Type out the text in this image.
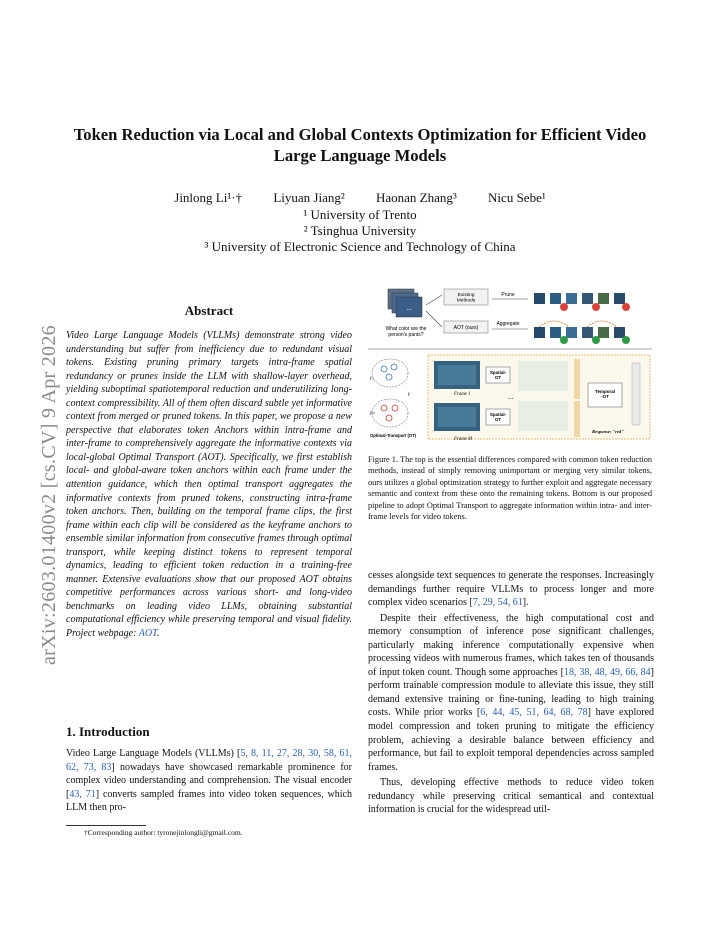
arXiv:2603.01400v2 [cs.CV] 9 Apr 2026
Token Reduction via Local and Global Contexts Optimization for Efficient Video Large Language Models
Jinlong Li¹·† Liyuan Jiang² Haonan Zhang³ Nicu Sebe¹
¹ University of Trento
² Tsinghua University
³ University of Electronic Science and Technology of China
Abstract
Video Large Language Models (VLLMs) demonstrate strong video understanding but suffer from inefficiency due to redundant visual tokens. Existing pruning primary targets intra-frame spatial redundancy or prunes inside the LLM with shallow-layer overhead, yielding suboptimal spatiotemporal reduction and underutilizing long-context compressibility. All of them often discard subtle yet informative context from merged or pruned tokens. In this paper, we propose a new perspective that elaborates token Anchors within intra-frame and inter-frame to comprehensively aggregate the informative contexts via local-global Optimal Transport (AOT). Specifically, we first establish local- and global-aware token anchors within each frame under the attention guidance, which then optimal transport aggregates the informative contexts from pruned tokens, constructing intra-frame token anchors. Then, building on the temporal frame clips, the first frame within each clip will be considered as the keyframe anchors to ensemble similar information from consecutive frames through optimal transport, while keeping distinct tokens to represent temporal dynamics, leading to efficient token reduction in a training-free manner. Extensive evaluations show that our proposed AOT obtains competitive performances across various short- and long-video benchmarks on leading video LLMs, obtaining substantial computational efficiency while preserving temporal and visual fidelity. Project webpage: AOT.
1. Introduction
Video Large Language Models (VLLMs) [5, 8, 11, 27, 28, 30, 58, 61, 62, 73, 83] nowadays have showcased remarkable prominence for complex video understanding and comprehension. The visual encoder [43, 71] converts sampled frames into video token sequences, which LLM then pro-
†Corresponding author: tyronejinlongli@gmail.com.
...
What color are the person's pants?
Existing Methods
Prune
AOT (ours)
Aggregate
γ₁
γₘ
γ
Optimal-Transport (OT)
Frame 1
Frame M
...
Spatial-OT
Spatial-OT
Temporal -OT
Response: "red"
Figure 1. The top is the essential differences compared with common token reduction methods, instead of simply removing unimportant or merging very similar tokens, ours utilizes a global optimization strategy to further exploit and aggregate necessary semantic and context from these onto the remaining tokens. Bottom is our proposed pipeline to adopt Optimal Transport to aggregate information within intra- and inter-frame levels for video tokens.

cesses alongside text sequences to generate the responses. Increasingly demandings further require VLLMs to process longer and more complex video scenarios [7, 29, 54, 61].

Despite their effectiveness, the high computational cost and memory consumption of inference pose significant challenges, particularly making inference computationally expensive when processing videos with numerous frames, which takes ten of thousands of input token count. Though some approaches [18, 38, 48, 49, 66, 84] perform trainable compression module to alleviate this issue, they still demand extensive training or fine-tuning, leading to high training costs. While prior works [6, 44, 45, 51, 64, 68, 78] have explored model compression and token pruning to mitigate the efficiency problem, achieving a desirable balance between efficiency and performance, but fail to exploit temporal dependencies across sampled frames.

Thus, developing effective methods to reduce video token redundancy while preserving critical semantical and contextual information is crucial for the widespread util-
